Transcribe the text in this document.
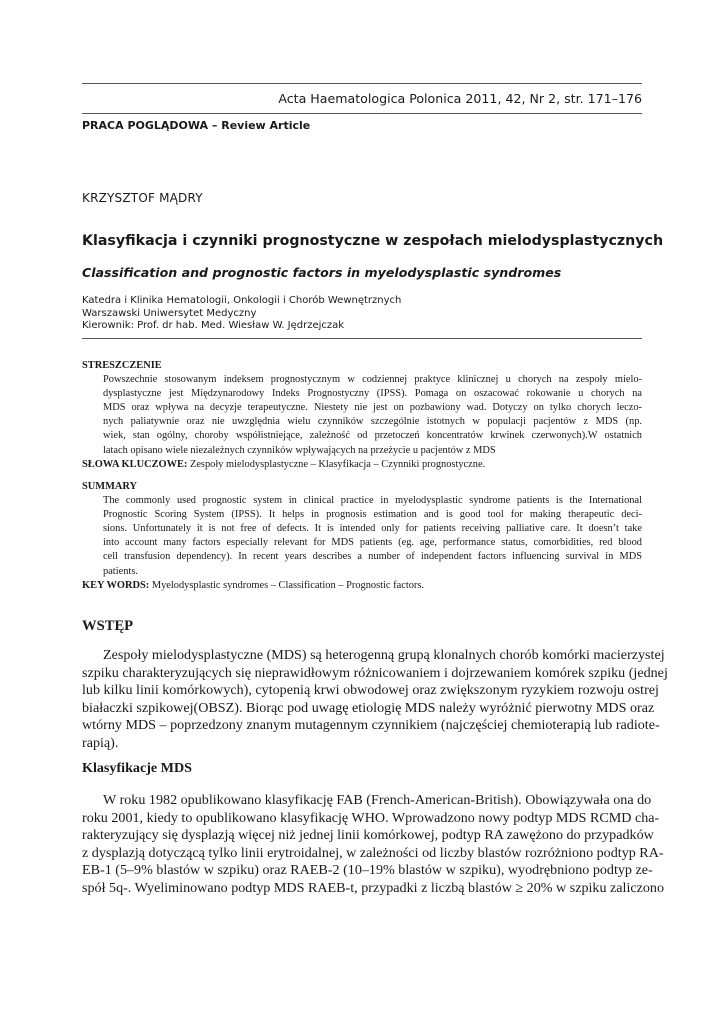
Acta Haematologica Polonica 2011, 42, Nr 2, str. 171–176
PRACA POGLĄDOWA – Review Article
KRZYSZTOF MĄDRY
Klasyfikacja i czynniki prognostyczne w zespołach mielodysplastycznych
Classification and prognostic factors in myelodysplastic syndromes
Katedra i Klinika Hematologii, Onkologii i Chorób Wewnętrznych
Warszawski Uniwersytet Medyczny
Kierownik: Prof. dr hab. Med. Wiesław W. Jędrzejczak
STRESZCZENIE
Powszechnie stosowanym indeksem prognostycznym w codziennej praktyce klinicznej u chorych na zespoły mielo-
dysplastyczne jest Międzynarodowy Indeks Prognostyczny (IPSS). Pomaga on oszacować rokowanie u chorych na
MDS oraz wpływa na decyzje terapeutyczne. Niestety nie jest on pozbawiony wad. Dotyczy on tylko chorych leczo-
nych paliatywnie oraz nie uwzględnia wielu czynników szczególnie istotnych w populacji pacjentów z MDS (np.
wiek, stan ogólny, choroby współistniejące, zależność od przetoczeń koncentratów krwinek czerwonych).W ostatnich
latach opisano wiele niezależnych czynników wpływających na przeżycie u pacjentów z MDS
SŁOWA KLUCZOWE: Zespoły mielodysplastyczne – Klasyfikacja – Czynniki prognostyczne.
SUMMARY
The commonly used prognostic system in clinical practice in myelodysplastic syndrome patients is the International
Prognostic Scoring System (IPSS). It helps in prognosis estimation and is good tool for making therapeutic deci-
sions. Unfortunately it is not free of defects. It is intended only for patients receiving palliative care. It doesn’t take
into account many factors especially relevant for MDS patients (eg. age, performance status, comorbidities, red blood
cell transfusion dependency). In recent years describes a number of independent factors influencing survival in MDS
patients.
KEY WORDS: Myelodysplastic syndromes – Classification – Prognostic factors.
WSTĘP
Zespoły mielodysplastyczne (MDS) są heterogenną grupą klonalnych chorób komórki macierzystej
szpiku charakteryzujących się nieprawidłowym różnicowaniem i dojrzewaniem komórek szpiku (jednej
lub kilku linii komórkowych), cytopenią krwi obwodowej oraz zwiększonym ryzykiem rozwoju ostrej
białaczki szpikowej(OBSZ). Biorąc pod uwagę etiologię MDS należy wyróżnić pierwotny MDS oraz
wtórny MDS – poprzedzony znanym mutagennym czynnikiem (najczęściej chemioterapią lub radiote-
rapią).
Klasyfikacje MDS
W roku 1982 opublikowano klasyfikację FAB (French-American-British). Obowiązywała ona do
roku 2001, kiedy to opublikowano klasyfikację WHO. Wprowadzono nowy podtyp MDS RCMD cha-
rakteryzujący się dysplazją więcej niż jednej linii komórkowej, podtyp RA zawężono do przypadków
z dysplazją dotyczącą tylko linii erytroidalnej, w zależności od liczby blastów rozróżniono podtyp RA-
EB-1 (5–9% blastów w szpiku) oraz RAEB-2 (10–19% blastów w szpiku), wyodrębniono podtyp ze-
spół 5q-. Wyeliminowano podtyp MDS RAEB-t, przypadki z liczbą blastów ≥ 20% w szpiku zaliczono
